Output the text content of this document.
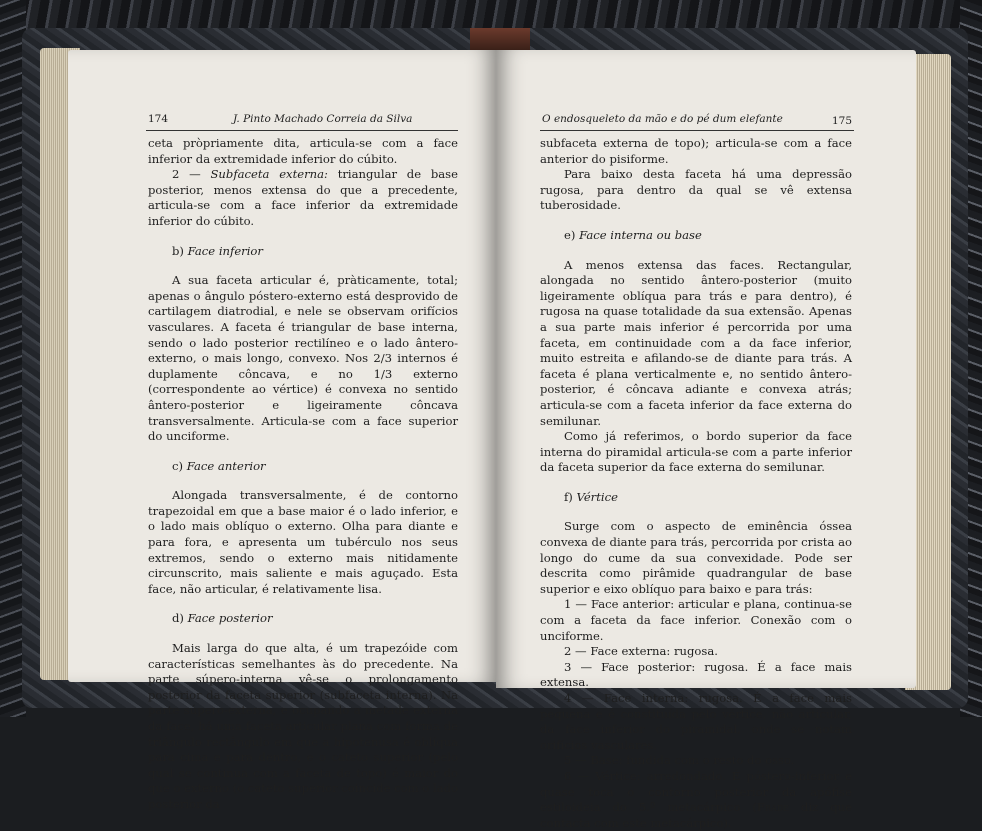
174	J. Pinto Machado Correia da Silva

ceta pròpriamente dita, articula-se com a face inferior da extremidade inferior do cúbito.

2 — Subfaceta externa: triangular de base posterior, menos extensa do que a precedente, articula-se com a face inferior da extremidade inferior do cúbito.

b) Face inferior

A sua faceta articular é, pràticamente, total; apenas o ângulo póstero-externo está desprovido de cartilagem diatrodial, e nele se observam orifícios vasculares. A faceta é triangular de base interna, sendo o lado posterior rectilíneo e o lado ântero-externo, o mais longo, convexo. Nos 2/3 internos é duplamente côncava, e no 1/3 externo (correspondente ao vértice) é convexa no sentido ântero-posterior e ligeiramente côncava transversalmente. Articula-se com a face superior do unciforme.

c) Face anterior

Alongada transversalmente, é de contorno trapezoidal em que a base maior é o lado inferior, e o lado mais oblíquo o externo. Olha para diante e para fora, e apresenta um tubérculo nos seus extremos, sendo o externo mais nitidamente circunscrito, mais saliente e mais aguçado. Esta face, não articular, é relativamente lisa.

d) Face posterior

Mais larga do que alta, é um trapezóide com características semelhantes às do precedente. Na parte súpero-interna vê-se o prolongamento posterior da faceta superior (subfaceta interna). Na parte súpero-externa, e ocupando a metade externa da face, há uma faceta articular plana com forma de triângulo rectângulo em que a hipotenusa é oblíqua para cima e para dentro, e o cateto superior (pelo qual se continua com a faceta de topo) é maior do que o externo (o cateto superior coincide com o lado posterior da

O endosqueleto da mão e do pé dum elefante	175

subfaceta externa de topo); articula-se com a face anterior do pisiforme.

Para baixo desta faceta há uma depressão rugosa, para dentro da qual se vê extensa tuberosidade.

e) Face interna ou base

A menos extensa das faces. Rectangular, alongada no sentido ântero-posterior (muito ligeiramente oblíqua para trás e para dentro), é rugosa na quase totalidade da sua extensão. Apenas a sua parte mais inferior é percorrida por uma faceta, em continuidade com a da face inferior, muito estreita e afilando-se de diante para trás. A faceta é plana verticalmente e, no sentido ântero-posterior, é côncava adiante e convexa atrás; articula-se com a faceta inferior da face externa do semilunar.

Como já referimos, o bordo superior da face interna do piramidal articula-se com a parte inferior da faceta superior da face externa do semilunar.

f) Vértice

Surge com o aspecto de eminência óssea convexa de diante para trás, percorrida por crista ao longo do cume da sua convexidade. Pode ser descrita como pirâmide quadrangular de base superior e eixo oblíquo para baixo e para trás:

1 — Face anterior: articular e plana, continua-se com a faceta da face inferior. Conexão com o unciforme.

2 — Face externa: rugosa.

3 — Face posterior: rugosa. É a face mais extensa.

4 — Face interna: rugosa. É a face mais pequena e é constituída pelo vértice, não articular, da face inferior do piramidal, onde se notam orifícios vasculares.

5 — Base: fundida com o resto do osso.

6 — Vértice: arredondado. É póstero-inferior e quase toca o contorno posterior da apófise estiloideia do 5.º metacárpico (Frade diz que contacta com este metacárpico).
